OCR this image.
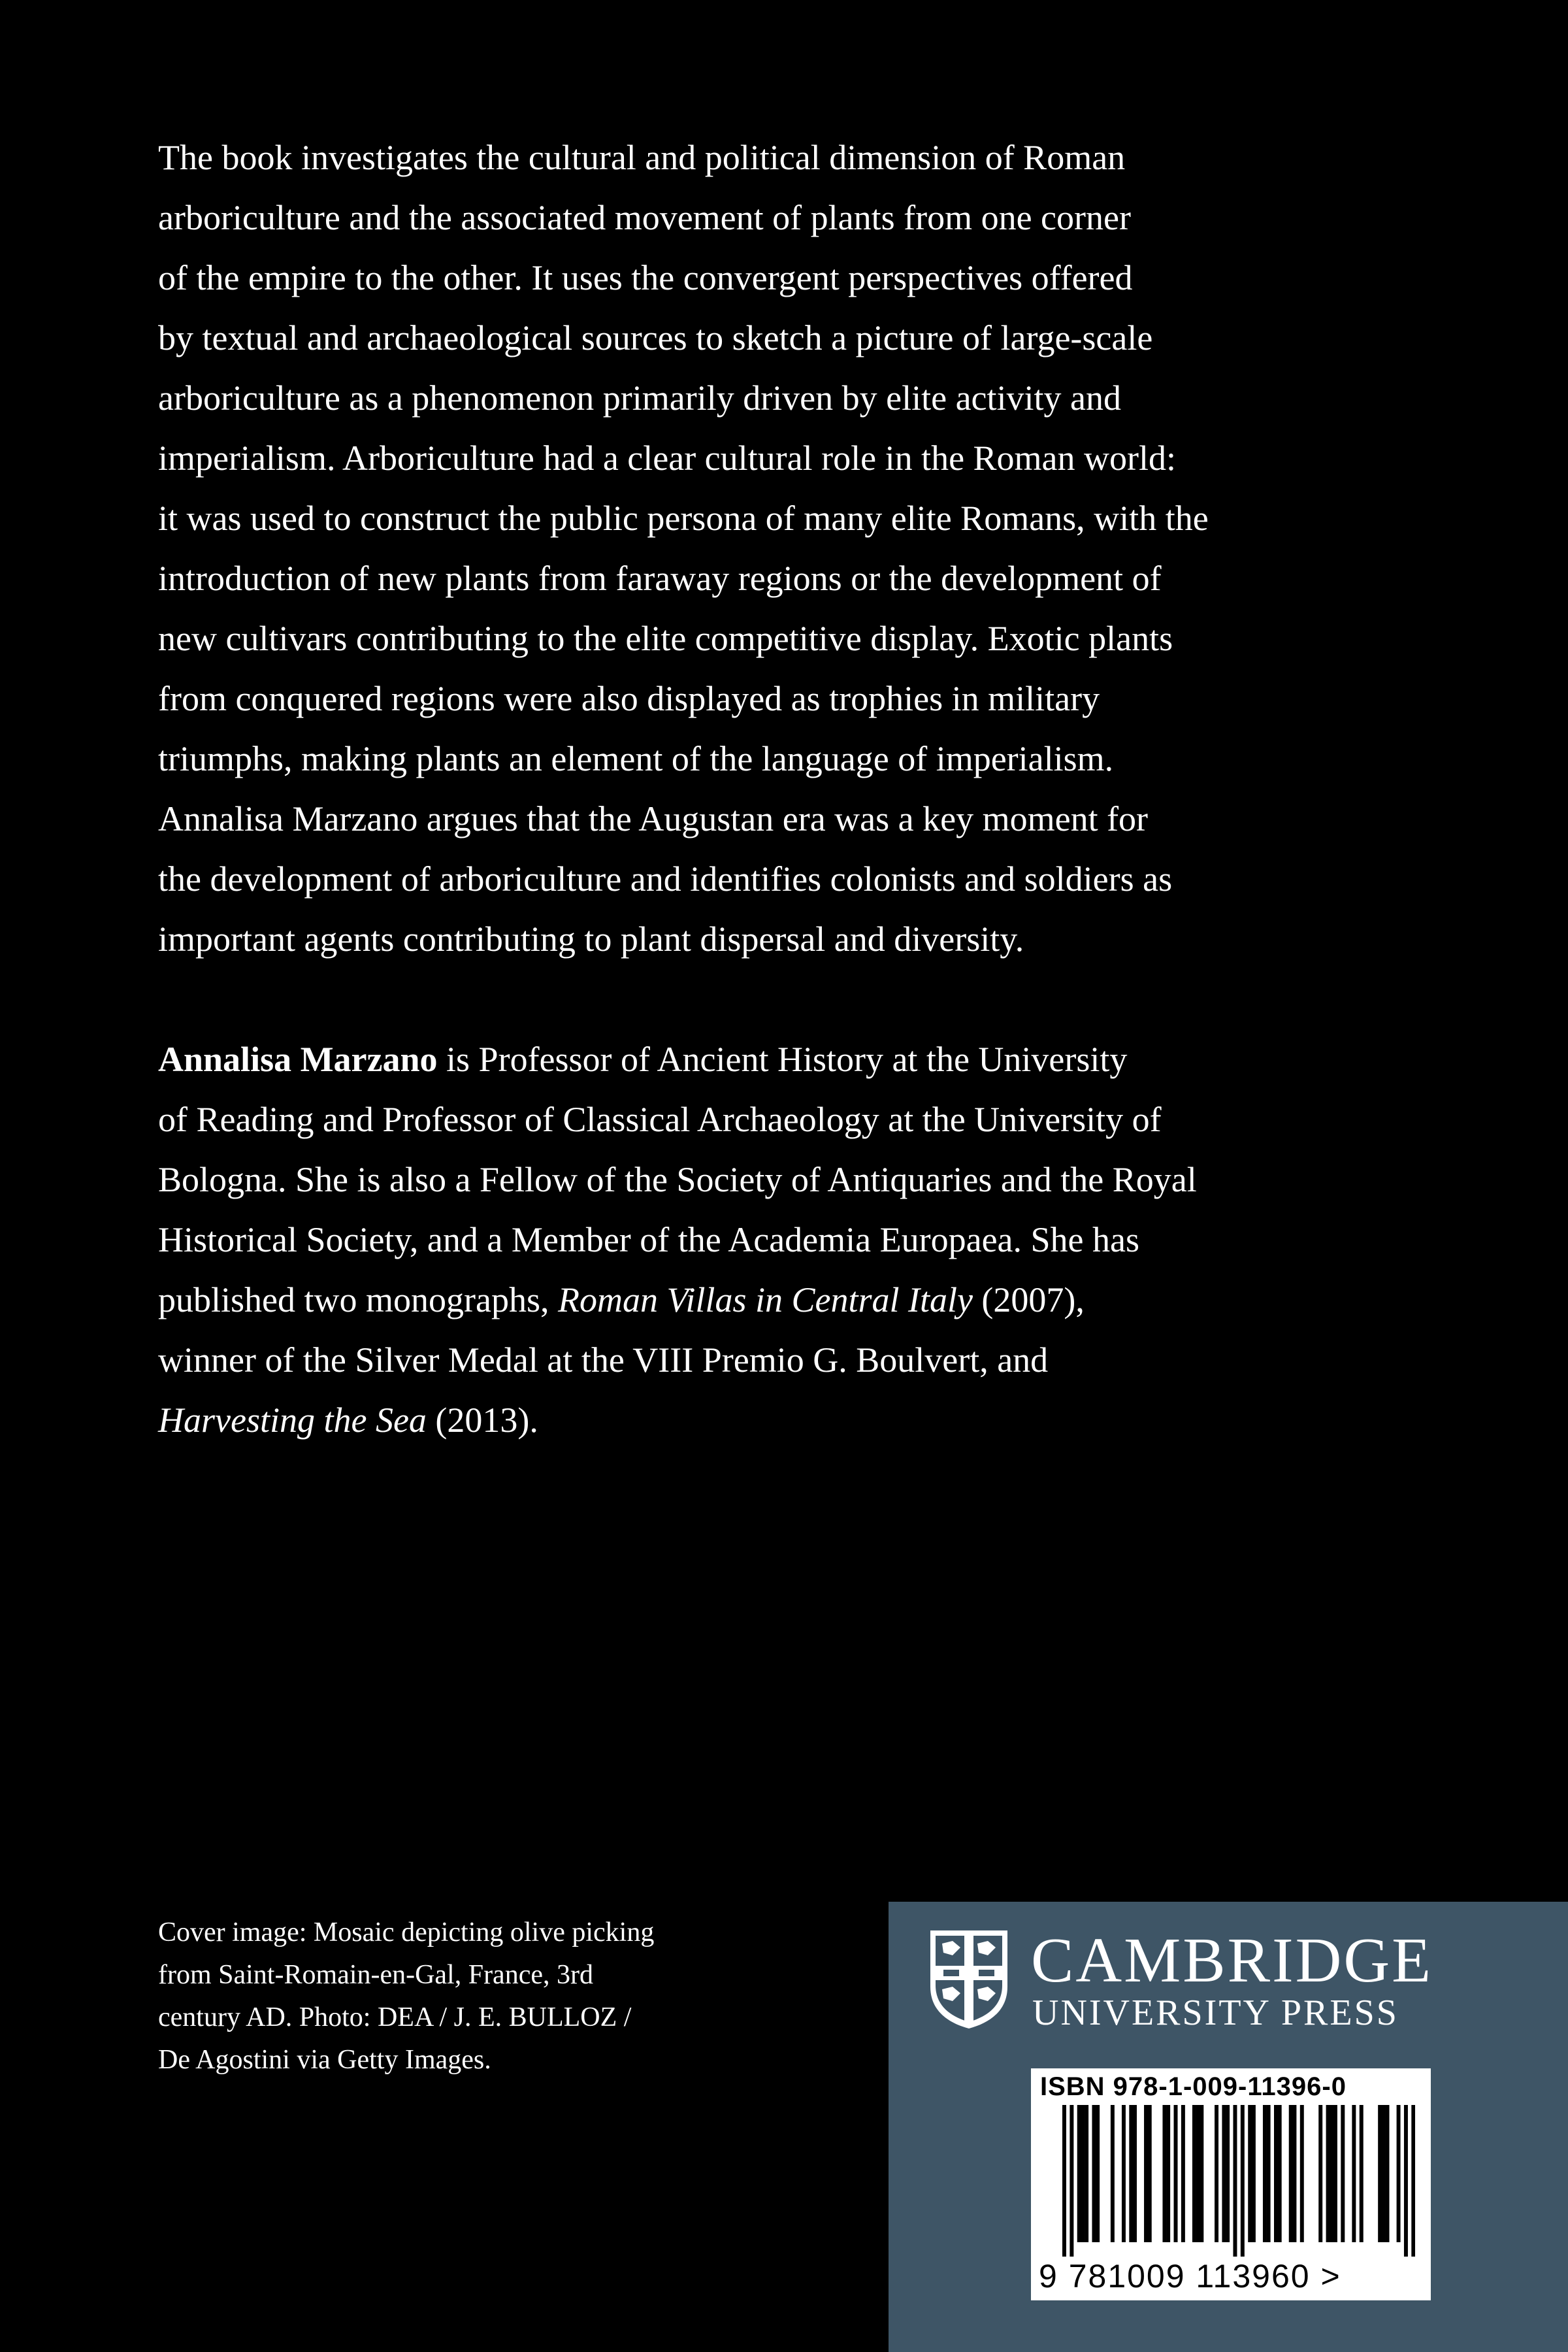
The book investigates the cultural and political dimension of Roman
arboriculture and the associated movement of plants from one corner
of the empire to the other. It uses the convergent perspectives offered
by textual and archaeological sources to sketch a picture of large-scale
arboriculture as a phenomenon primarily driven by elite activity and
imperialism. Arboriculture had a clear cultural role in the Roman world:
it was used to construct the public persona of many elite Romans, with the
introduction of new plants from faraway regions or the development of
new cultivars contributing to the elite competitive display. Exotic plants
from conquered regions were also displayed as trophies in military
triumphs, making plants an element of the language of imperialism.
Annalisa Marzano argues that the Augustan era was a key moment for
the development of arboriculture and identifies colonists and soldiers as
important agents contributing to plant dispersal and diversity.
Annalisa Marzano is Professor of Ancient History at the University
of Reading and Professor of Classical Archaeology at the University of
Bologna. She is also a Fellow of the Society of Antiquaries and the Royal
Historical Society, and a Member of the Academia Europaea. She has
published two monographs, Roman Villas in Central Italy (2007),
winner of the Silver Medal at the VIII Premio G. Boulvert, and
Harvesting the Sea (2013).
Cover image: Mosaic depicting olive picking
from Saint-Romain-en-Gal, France, 3rd
century AD. Photo: DEA / J. E. BULLOZ /
De Agostini via Getty Images.
CAMBRIDGE
UNIVERSITY PRESS
ISBN 978-1-009-11396-0
9 781009 113960 >
